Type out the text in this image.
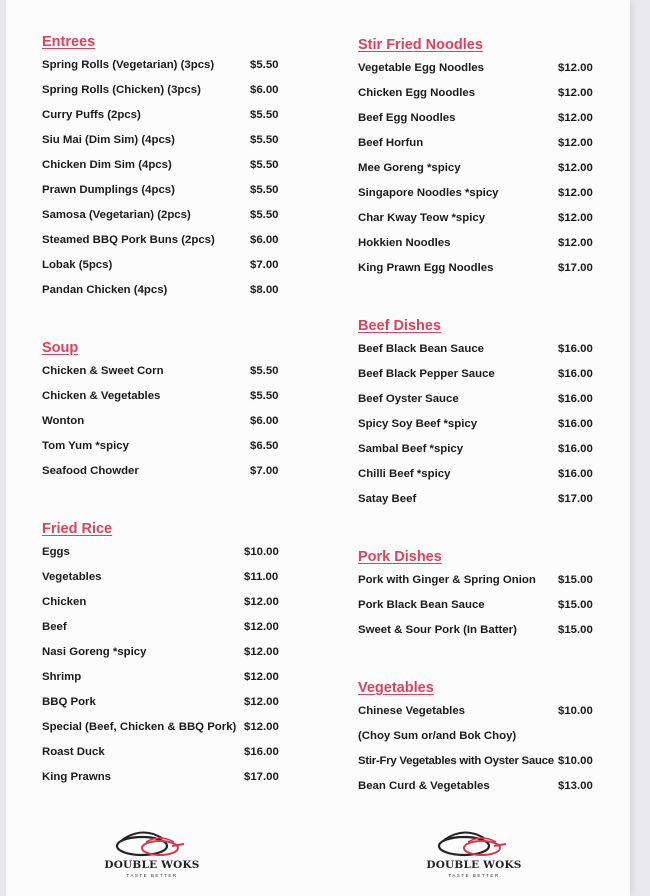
Entrees
Spring Rolls (Vegetarian) (3pcs)	$5.50
Spring Rolls (Chicken) (3pcs)	$6.00
Curry Puffs (2pcs)	$5.50
Siu Mai (Dim Sim) (4pcs)	$5.50
Chicken Dim Sim (4pcs)	$5.50
Prawn Dumplings (4pcs)	$5.50
Samosa (Vegetarian) (2pcs)	$5.50
Steamed BBQ Pork Buns (2pcs)	$6.00
Lobak (5pcs)	$7.00
Pandan Chicken (4pcs)	$8.00
Soup
Chicken & Sweet Corn	$5.50
Chicken & Vegetables	$5.50
Wonton	$6.00
Tom Yum *spicy	$6.50
Seafood Chowder	$7.00
Fried Rice
Eggs	$10.00
Vegetables	$11.00
Chicken	$12.00
Beef	$12.00
Nasi Goreng *spicy	$12.00
Shrimp	$12.00
BBQ Pork	$12.00
Special (Beef, Chicken & BBQ Pork) $12.00
Roast Duck	$16.00
King Prawns	$17.00
DOUBLE WOKS
TASTE BETTER
Stir Fried Noodles
Vegetable Egg Noodles	$12.00
Chicken Egg Noodles	$12.00
Beef Egg Noodles	$12.00
Beef Horfun	$12.00
Mee Goreng *spicy	$12.00
Singapore Noodles *spicy	$12.00
Char Kway Teow *spicy	$12.00
Hokkien Noodles	$12.00
King Prawn Egg Noodles	$17.00
Beef Dishes
Beef Black Bean Sauce	$16.00
Beef Black Pepper Sauce	$16.00
Beef Oyster Sauce	$16.00
Spicy Soy Beef *spicy	$16.00
Sambal Beef *spicy	$16.00
Chilli Beef *spicy	$16.00
Satay Beef	$17.00
Pork Dishes
Pork with Ginger & Spring Onion $15.00
Pork Black Bean Sauce	$15.00
Sweet & Sour Pork (In Batter)	$15.00
Vegetables
Chinese Vegetables	$10.00
(Choy Sum or/and Bok Choy)
Stir-Fry Vegetables with Oyster Sauce $10.00
Bean Curd & Vegetables	$13.00
DOUBLE WOKS
TASTE BETTER
